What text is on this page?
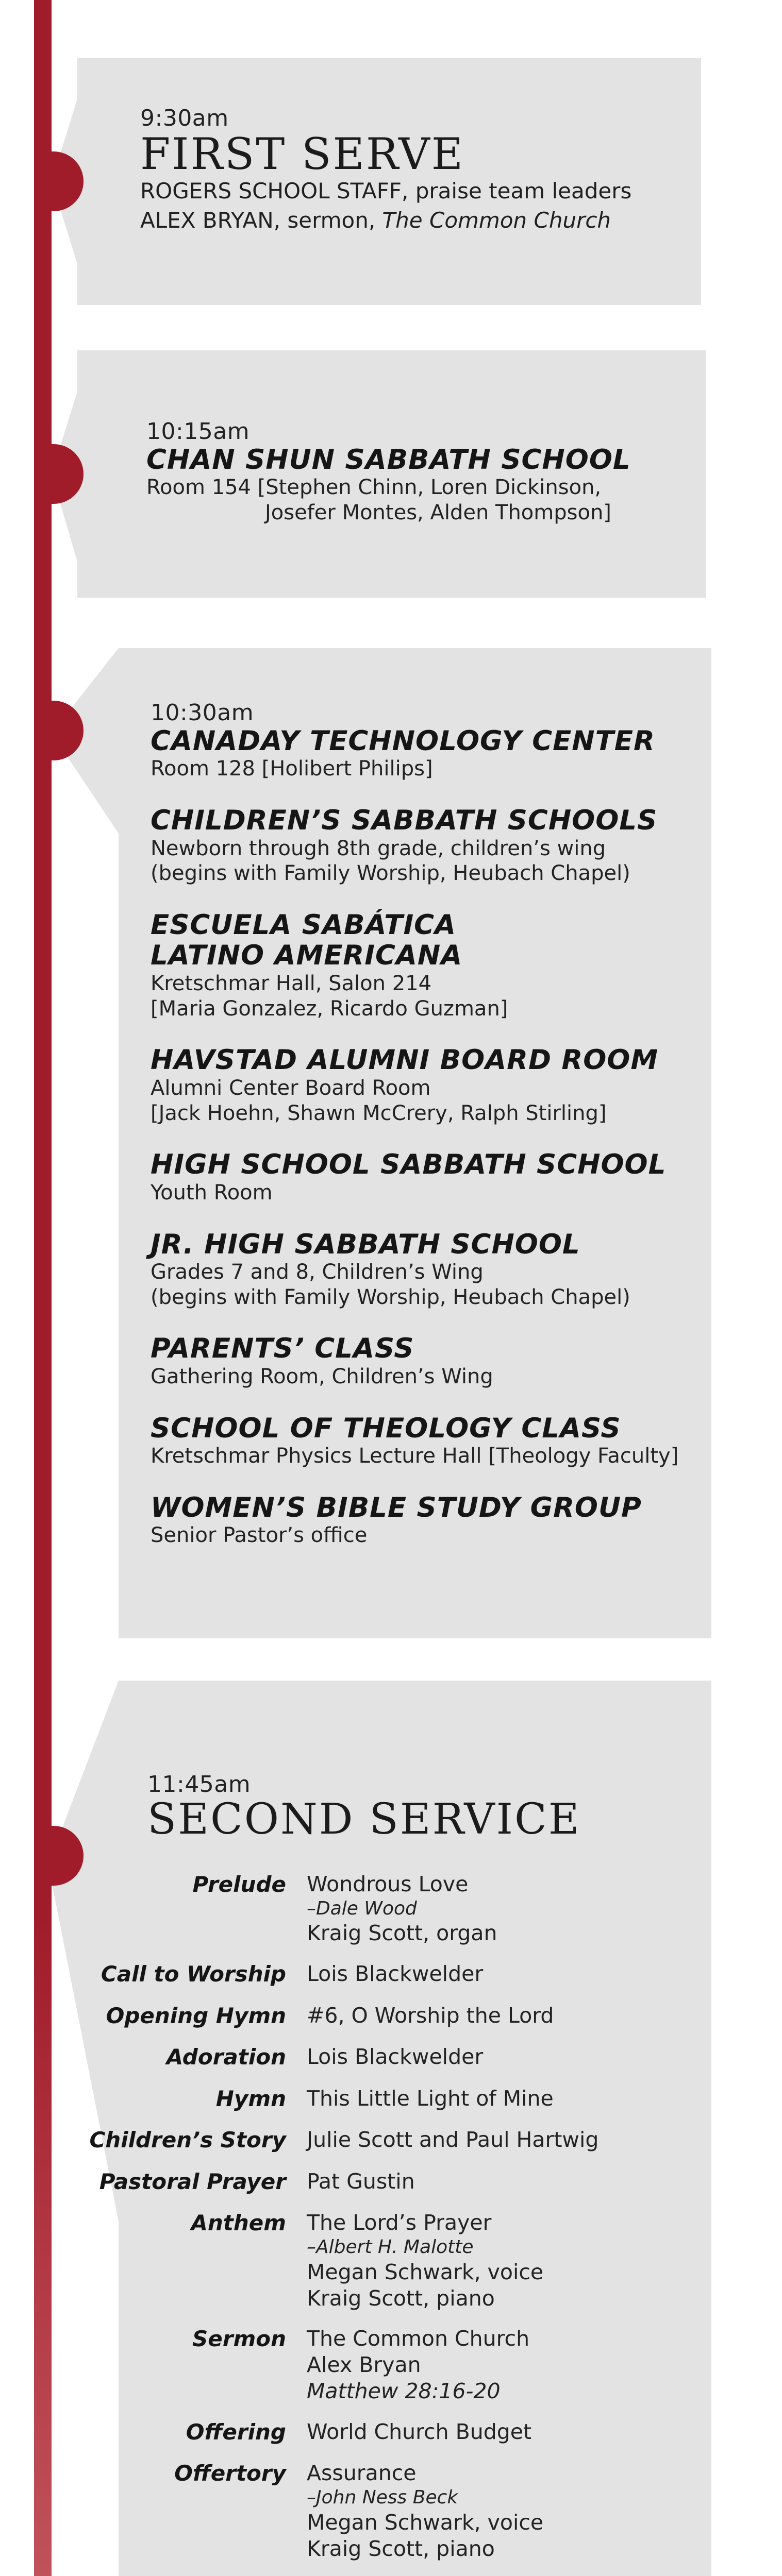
9:30am
FIRST SERVE
ROGERS SCHOOL STAFF, praise team leaders
ALEX BRYAN, sermon, The Common Church
10:15am
CHAN SHUN SABBATH SCHOOL
Room 154 [Stephen Chinn, Loren Dickinson,
Josefer Montes, Alden Thompson]
10:30am
CANADAY TECHNOLOGY CENTER
Room 128 [Holibert Philips]
CHILDREN’S SABBATH SCHOOLS
Newborn through 8th grade, children’s wing
(begins with Family Worship, Heubach Chapel)
ESCUELA SABÁTICA
LATINO AMERICANA
Kretschmar Hall, Salon 214
[Maria Gonzalez, Ricardo Guzman]
HAVSTAD ALUMNI BOARD ROOM
Alumni Center Board Room
[Jack Hoehn, Shawn McCrery, Ralph Stirling]
HIGH SCHOOL SABBATH SCHOOL
Youth Room
JR. HIGH SABBATH SCHOOL
Grades 7 and 8, Children’s Wing
(begins with Family Worship, Heubach Chapel)
PARENTS’ CLASS
Gathering Room, Children’s Wing
SCHOOL OF THEOLOGY CLASS
Kretschmar Physics Lecture Hall [Theology Faculty]
WOMEN’S BIBLE STUDY GROUP
Senior Pastor’s office
11:45am
SECOND SERVICE
Prelude Wondrous Love
–Dale Wood
Kraig Scott, organ
Call to Worship Lois Blackwelder
Opening Hymn #6, O Worship the Lord
Adoration Lois Blackwelder
Hymn This Little Light of Mine
Children’s Story Julie Scott and Paul Hartwig
Pastoral Prayer Pat Gustin
Anthem The Lord’s Prayer
–Albert H. Malotte
Megan Schwark, voice
Kraig Scott, piano
Sermon The Common Church
Alex Bryan
Matthew 28:16-20
Offering World Church Budget
Offertory Assurance
–John Ness Beck
Megan Schwark, voice
Kraig Scott, piano
